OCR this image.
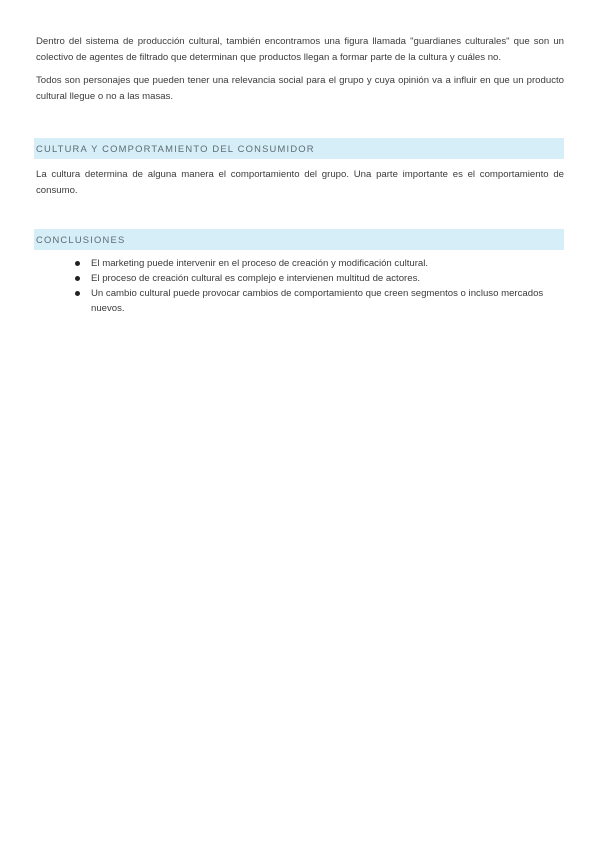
Dentro del sistema de producción cultural, también encontramos una figura llamada "guardianes culturales" que son un colectivo de agentes de filtrado que determinan que productos llegan a formar parte de la cultura y cuáles no.

Todos son personajes que pueden tener una relevancia social para el grupo y cuya opinión va a influir en que un producto cultural llegue o no a las masas.

CULTURA Y COMPORTAMIENTO DEL CONSUMIDOR

La cultura determina de alguna manera el comportamiento del grupo. Una parte importante es el comportamiento de consumo.

CONCLUSIONES
El marketing puede intervenir en el proceso de creación y modificación cultural.
El proceso de creación cultural es complejo e intervienen multitud de actores.
Un cambio cultural puede provocar cambios de comportamiento que creen segmentos o incluso mercados nuevos.
